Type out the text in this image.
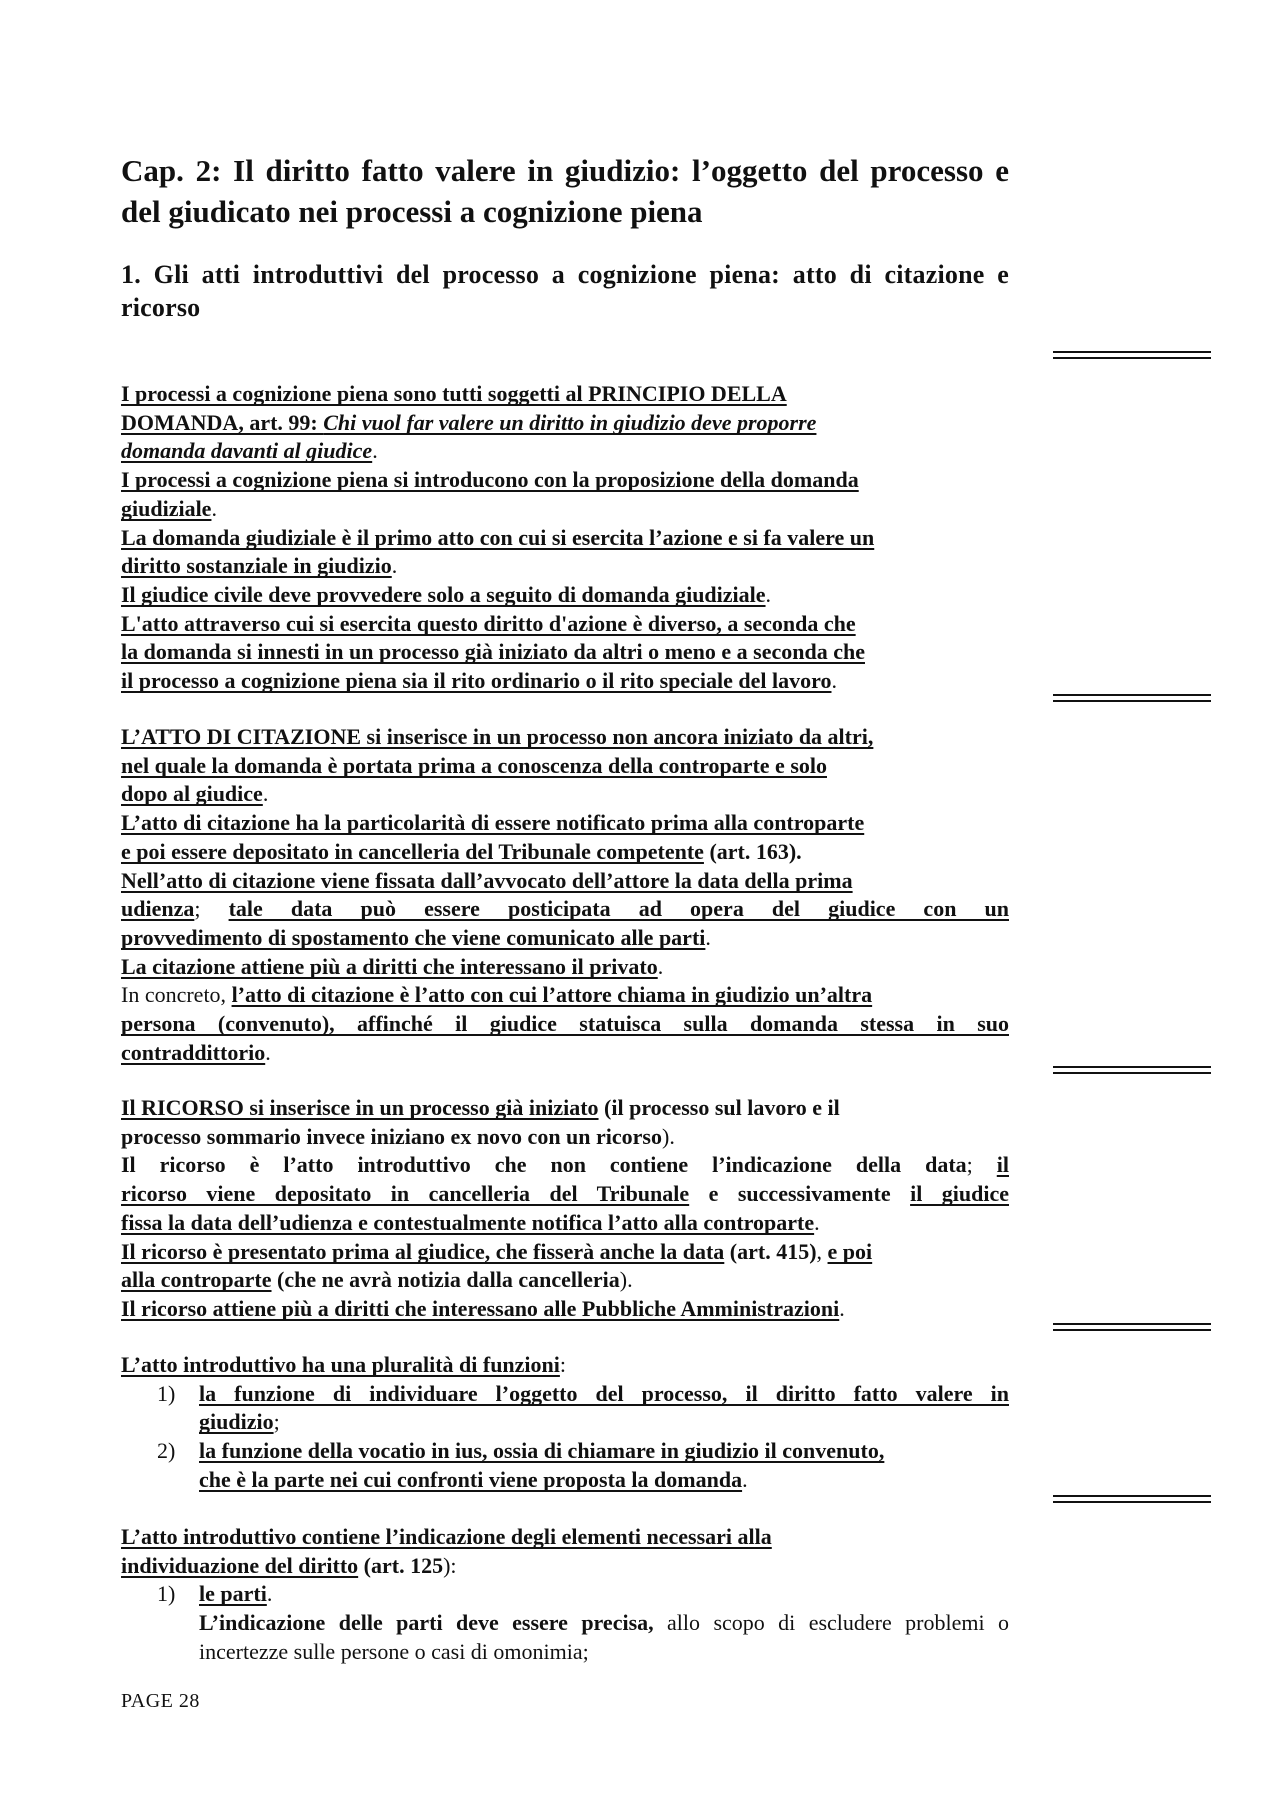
Cap. 2: Il diritto fatto valere in giudizio: l’oggetto del processo e del giudicato nei processi a cognizione piena
1. Gli atti introduttivi del processo a cognizione piena: atto di citazione e ricorso
I processi a cognizione piena sono tutti soggetti al PRINCIPIO DELLA
DOMANDA, art. 99: Chi vuol far valere un diritto in giudizio deve proporre
domanda davanti al giudice.
I processi a cognizione piena si introducono con la proposizione della domanda
giudiziale.
La domanda giudiziale è il primo atto con cui si esercita l’azione e si fa valere un
diritto sostanziale in giudizio.
Il giudice civile deve provvedere solo a seguito di domanda giudiziale.
L'atto attraverso cui si esercita questo diritto d'azione è diverso, a seconda che
la domanda si innesti in un processo già iniziato da altri o meno e a seconda che
il processo a cognizione piena sia il rito ordinario o il rito speciale del lavoro.
L’ATTO DI CITAZIONE si inserisce in un processo non ancora iniziato da altri,
nel quale la domanda è portata prima a conoscenza della controparte e solo
dopo al giudice.
L’atto di citazione ha la particolarità di essere notificato prima alla controparte
e poi essere depositato in cancelleria del Tribunale competente (art. 163).
Nell’atto di citazione viene fissata dall’avvocato dell’attore la data della prima
udienza; tale data può essere posticipata ad opera del giudice con un
provvedimento di spostamento che viene comunicato alle parti.
La citazione attiene più a diritti che interessano il privato.
In concreto, l’atto di citazione è l’atto con cui l’attore chiama in giudizio un’altra
persona (convenuto), affinché il giudice statuisca sulla domanda stessa in suo
contraddittorio.
Il RICORSO si inserisce in un processo già iniziato (il processo sul lavoro e il
processo sommario invece iniziano ex novo con un ricorso).
Il ricorso è l’atto introduttivo che non contiene l’indicazione della data; il
ricorso viene depositato in cancelleria del Tribunale e successivamente il giudice
fissa la data dell’udienza e contestualmente notifica l’atto alla controparte.
Il ricorso è presentato prima al giudice, che fisserà anche la data (art. 415), e poi
alla controparte (che ne avrà notizia dalla cancelleria).
Il ricorso attiene più a diritti che interessano alle Pubbliche Amministrazioni.
L’atto introduttivo ha una pluralità di funzioni:
1) la funzione di individuare l’oggetto del processo, il diritto fatto valere in
giudizio;
2) la funzione della vocatio in ius, ossia di chiamare in giudizio il convenuto,
che è la parte nei cui confronti viene proposta la domanda.
L’atto introduttivo contiene l’indicazione degli elementi necessari alla
individuazione del diritto (art. 125):
1) le parti.
L’indicazione delle parti deve essere precisa, allo scopo di escludere problemi o incertezze sulle persone o casi di omonimia;
PAGE 28
